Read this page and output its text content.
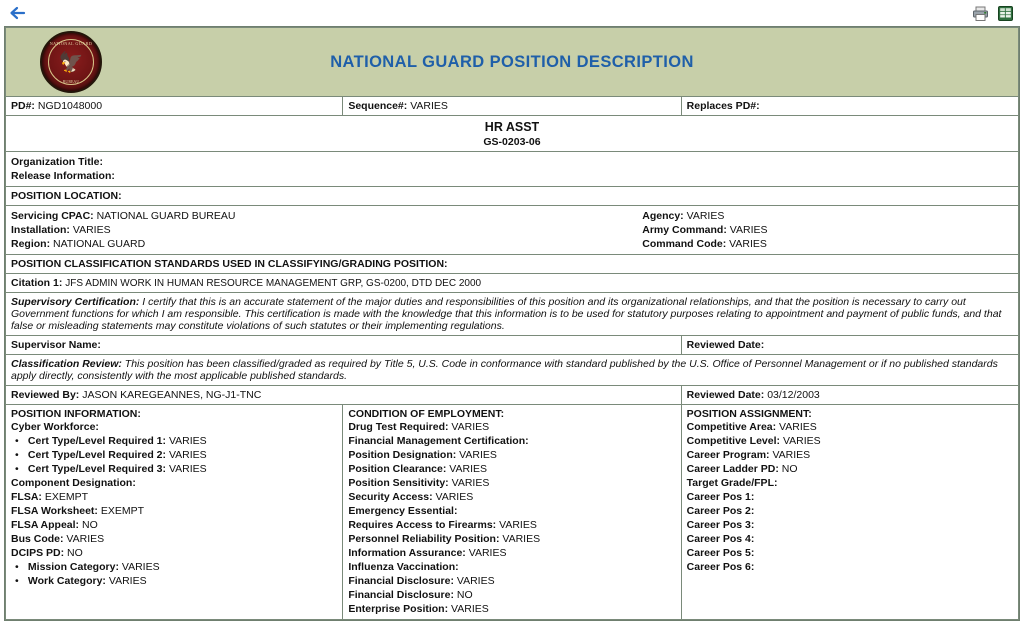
NATIONAL GUARD
🦅
BUREAU
NATIONAL GUARD POSITION DESCRIPTION		

PD#: NGD1048000	Sequence#: VARIES	Replaces PD#:

HR ASST
GS-0203-06		

Organization Title:
Release Information:		

POSITION LOCATION:		

Servicing CPAC: NATIONAL GUARD BUREAU
Installation: VARIES
Region: NATIONAL GUARD
Agency: VARIES
Army Command: VARIES
Command Code: VARIES

POSITION CLASSIFICATION STANDARDS USED IN CLASSIFYING/GRADING POSITION:		
Citation 1: JFS ADMIN WORK IN HUMAN RESOURCE MANAGEMENT GRP, GS-0200, DTD DEC 2000		
Supervisory Certification: I certify that this is an accurate statement of the major duties and responsibilities of this position and its organizational relationships, and that the position is necessary to carry out Government functions for which I am responsible. This certification is made with the knowledge that this information is to be used for statutory purposes relating to appointment and payment of public funds, and that false or misleading statements may constitute violations of such statutes or their implementing regulations.		
Supervisor Name:		Reviewed Date:
Classification Review: This position has been classified/graded as required by Title 5, U.S. Code in conformance with standard published by the U.S. Office of Personnel Management or if no published standards apply directly, consistently with the most applicable published standards.		
Reviewed By: JASON KAREGEANNES, NG-J1-TNC		Reviewed Date: 03/12/2003

POSITION INFORMATION:
Cyber Workforce:
• Cert Type/Level Required 1: VARIES
• Cert Type/Level Required 2: VARIES
• Cert Type/Level Required 3: VARIES
Component Designation:
FLSA: EXEMPT
FLSA Worksheet: EXEMPT
FLSA Appeal: NO
Bus Code: VARIES
DCIPS PD: NO
• Mission Category: VARIES
• Work Category: VARIES

CONDITION OF EMPLOYMENT:
Drug Test Required: VARIES
Financial Management Certification:
Position Designation: VARIES
Position Clearance: VARIES
Position Sensitivity: VARIES
Security Access: VARIES
Emergency Essential:
Requires Access to Firearms: VARIES
Personnel Reliability Position: VARIES
Information Assurance: VARIES
Influenza Vaccination:
Financial Disclosure: VARIES
Financial Disclosure: NO
Enterprise Position: VARIES

POSITION ASSIGNMENT:
Competitive Area: VARIES
Competitive Level: VARIES
Career Program: VARIES
Career Ladder PD: NO
Target Grade/FPL:
Career Pos 1:
Career Pos 2:
Career Pos 3:
Career Pos 4:
Career Pos 5:
Career Pos 6:
